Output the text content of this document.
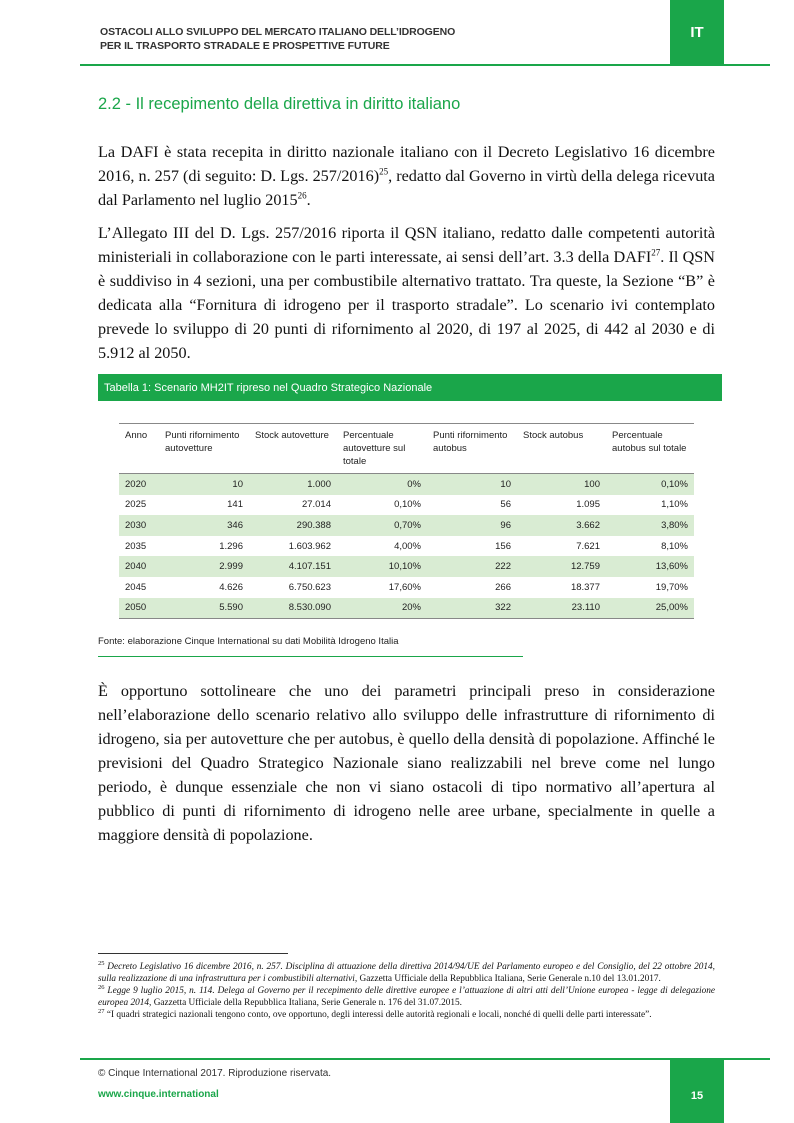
OSTACOLI ALLO SVILUPPO DEL MERCATO ITALIANO DELL’IDROGENO
PER IL TRASPORTO STRADALE E PROSPETTIVE FUTURE
IT
2.2 - Il recepimento della direttiva in diritto italiano

La DAFI è stata recepita in diritto nazionale italiano con il Decreto Legislativo 16 dicembre 2016, n. 257 (di seguito: D. Lgs. 257/2016)$^{25}$, redatto dal Governo in virtù della delega ricevuta dal Parlamento nel luglio 2015$^{26}$.

L’Allegato III del D. Lgs. 257/2016 riporta il QSN italiano, redatto dalle competenti autorità ministeriali in collaborazione con le parti interessate, ai sensi dell’art. 3.3 della DAFI$^{27}$. Il QSN è suddiviso in 4 sezioni, una per combustibile alternativo trattato. Tra queste, la Sezione “B” è dedicata alla “Fornitura di idrogeno per il trasporto stradale”. Lo scenario ivi contemplato prevede lo sviluppo di 20 punti di rifornimento al 2020, di 197 al 2025, di 442 al 2030 e di 5.912 al 2050.

Tabella 1: Scenario MH2IT ripreso nel Quadro Strategico Nazionale
Anno	Punti rifornimento autovetture	Stock autovetture	Percentuale autovetture sul totale	Punti rifornimento autobus	Stock autobus	Percentuale autobus sul totale
2020	10	1.000	0%	10	100	0,10%
2025	141	27.014	0,10%	56	1.095	1,10%
2030	346	290.388	0,70%	96	3.662	3,80%
2035	1.296	1.603.962	4,00%	156	7.621	8,10%
2040	2.999	4.107.151	10,10%	222	12.759	13,60%
2045	4.626	6.750.623	17,60%	266	18.377	19,70%
2050	5.590	8.530.090	20%	322	23.110	25,00%
Fonte: elaborazione Cinque International su dati Mobilità Idrogeno Italia

È opportuno sottolineare che uno dei parametri principali preso in considerazione nell’elaborazione dello scenario relativo allo sviluppo delle infrastrutture di rifornimento di idrogeno, sia per autovetture che per autobus, è quello della densità di popolazione. Affinché le previsioni del Quadro Strategico Nazionale siano realizzabili nel breve come nel lungo periodo, è dunque essenziale che non vi siano ostacoli di tipo normativo all’apertura al pubblico di punti di rifornimento di idrogeno nelle aree urbane, specialmente in quelle a maggiore densità di popolazione.

$^{25}$ Decreto Legislativo 16 dicembre 2016, n. 257. Disciplina di attuazione della direttiva 2014/94/UE del Parlamento europeo e del Consiglio, del 22 ottobre 2014, sulla realizzazione di una infrastruttura per i combustibili alternativi, Gazzetta Ufficiale della Repubblica Italiana, Serie Generale n.10 del 13.01.2017.

$^{26}$ Legge 9 luglio 2015, n. 114. Delega al Governo per il recepimento delle direttive europee e l’attuazione di altri atti dell’Unione europea - legge di delegazione europea 2014, Gazzetta Ufficiale della Repubblica Italiana, Serie Generale n. 176 del 31.07.2015.

$^{27}$ “I quadri strategici nazionali tengono conto, ove opportuno, degli interessi delle autorità regionali e locali, nonché di quelli delle parti interessate”.

© Cinque International 2017. Riproduzione riservata.
www.cinque.international	15
